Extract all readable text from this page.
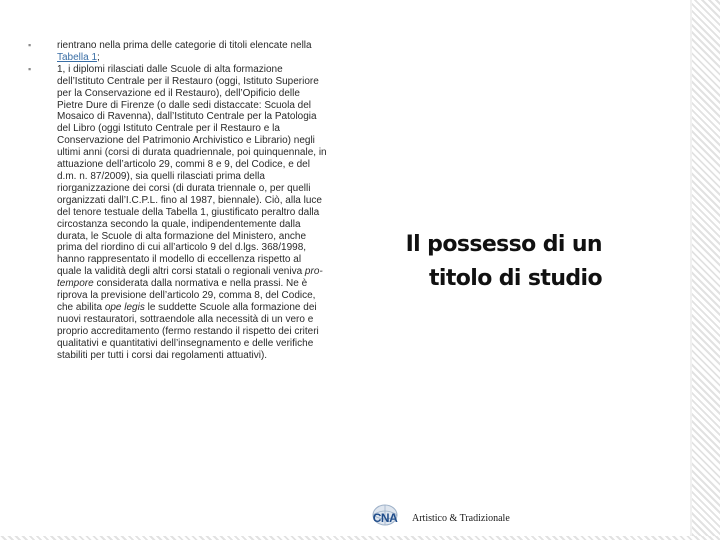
▪	rientrano nella prima delle categorie di titoli elencate nella Tabella 1;
▪	1, i diplomi rilasciati dalle Scuole di alta formazione dell’Istituto Centrale per il Restauro (oggi, Istituto Superiore per la Conservazione ed il Restauro), dell’Opificio delle Pietre Dure di Firenze (o dalle sedi distaccate: Scuola del Mosaico di Ravenna), dall’Istituto Centrale per la Patologia del Libro (oggi Istituto Centrale per il Restauro e la Conservazione del Patrimonio Archivistico e Librario) negli ultimi anni (corsi di durata quadriennale, poi quinquennale, in attuazione dell’articolo 29, commi 8 e 9, del Codice, e del d.m. n. 87/2009), sia quelli rilasciati prima della riorganizzazione dei corsi (di durata triennale o, per quelli organizzati dall’I.C.P.L. fino al 1987, biennale). Ciò, alla luce del tenore testuale della Tabella 1, giustificato peraltro dalla circostanza secondo la quale, indipendentemente dalla durata, le Scuole di alta formazione del Ministero, anche prima del riordino di cui all’articolo 9 del d.lgs. 368/1998, hanno rappresentato il modello di eccellenza rispetto al quale la validità degli altri corsi statali o regionali veniva pro-tempore considerata dalla normativa e nella prassi. Ne è riprova la previsione dell’articolo 29, comma 8, del Codice, che abilita ope legis le suddette Scuole alla formazione dei nuovi restauratori, sottraendole alla necessità di un vero e proprio accreditamento (fermo restando il rispetto dei criteri qualitativi e quantitativi dell’insegnamento e delle verifiche stabiliti per tutti i corsi dai regolamenti attuativi).
Il possesso di un
titolo di studio
CNA	Artistico & Tradizionale
